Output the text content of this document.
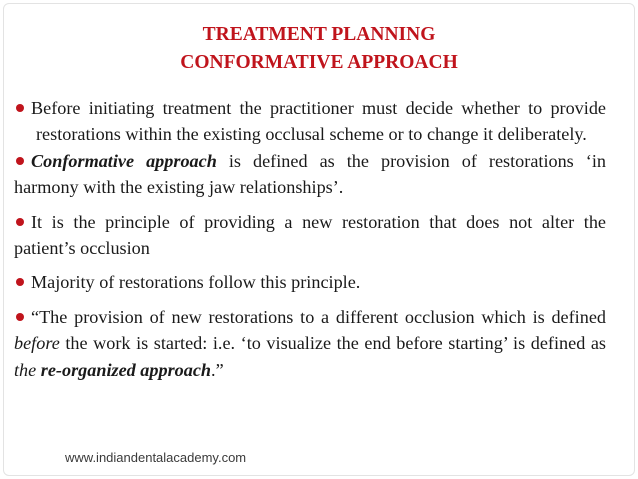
TREATMENT PLANNING
CONFORMATIVE APPROACH

Before initiating treatment the practitioner must decide whether to provide restorations within the existing occlusal scheme or to change it deliberately.

Conformative approach is defined as the provision of restorations ‘in harmony with the existing jaw relationships’.

It is the principle of providing a new restoration that does not alter the patient’s occlusion

Majority of restorations follow this principle.

“The provision of new restorations to a different occlusion which is defined before the work is started: i.e. ‘to visualize the end before starting’ is defined as the re-organized approach.”

www.indiandentalacademy.com
